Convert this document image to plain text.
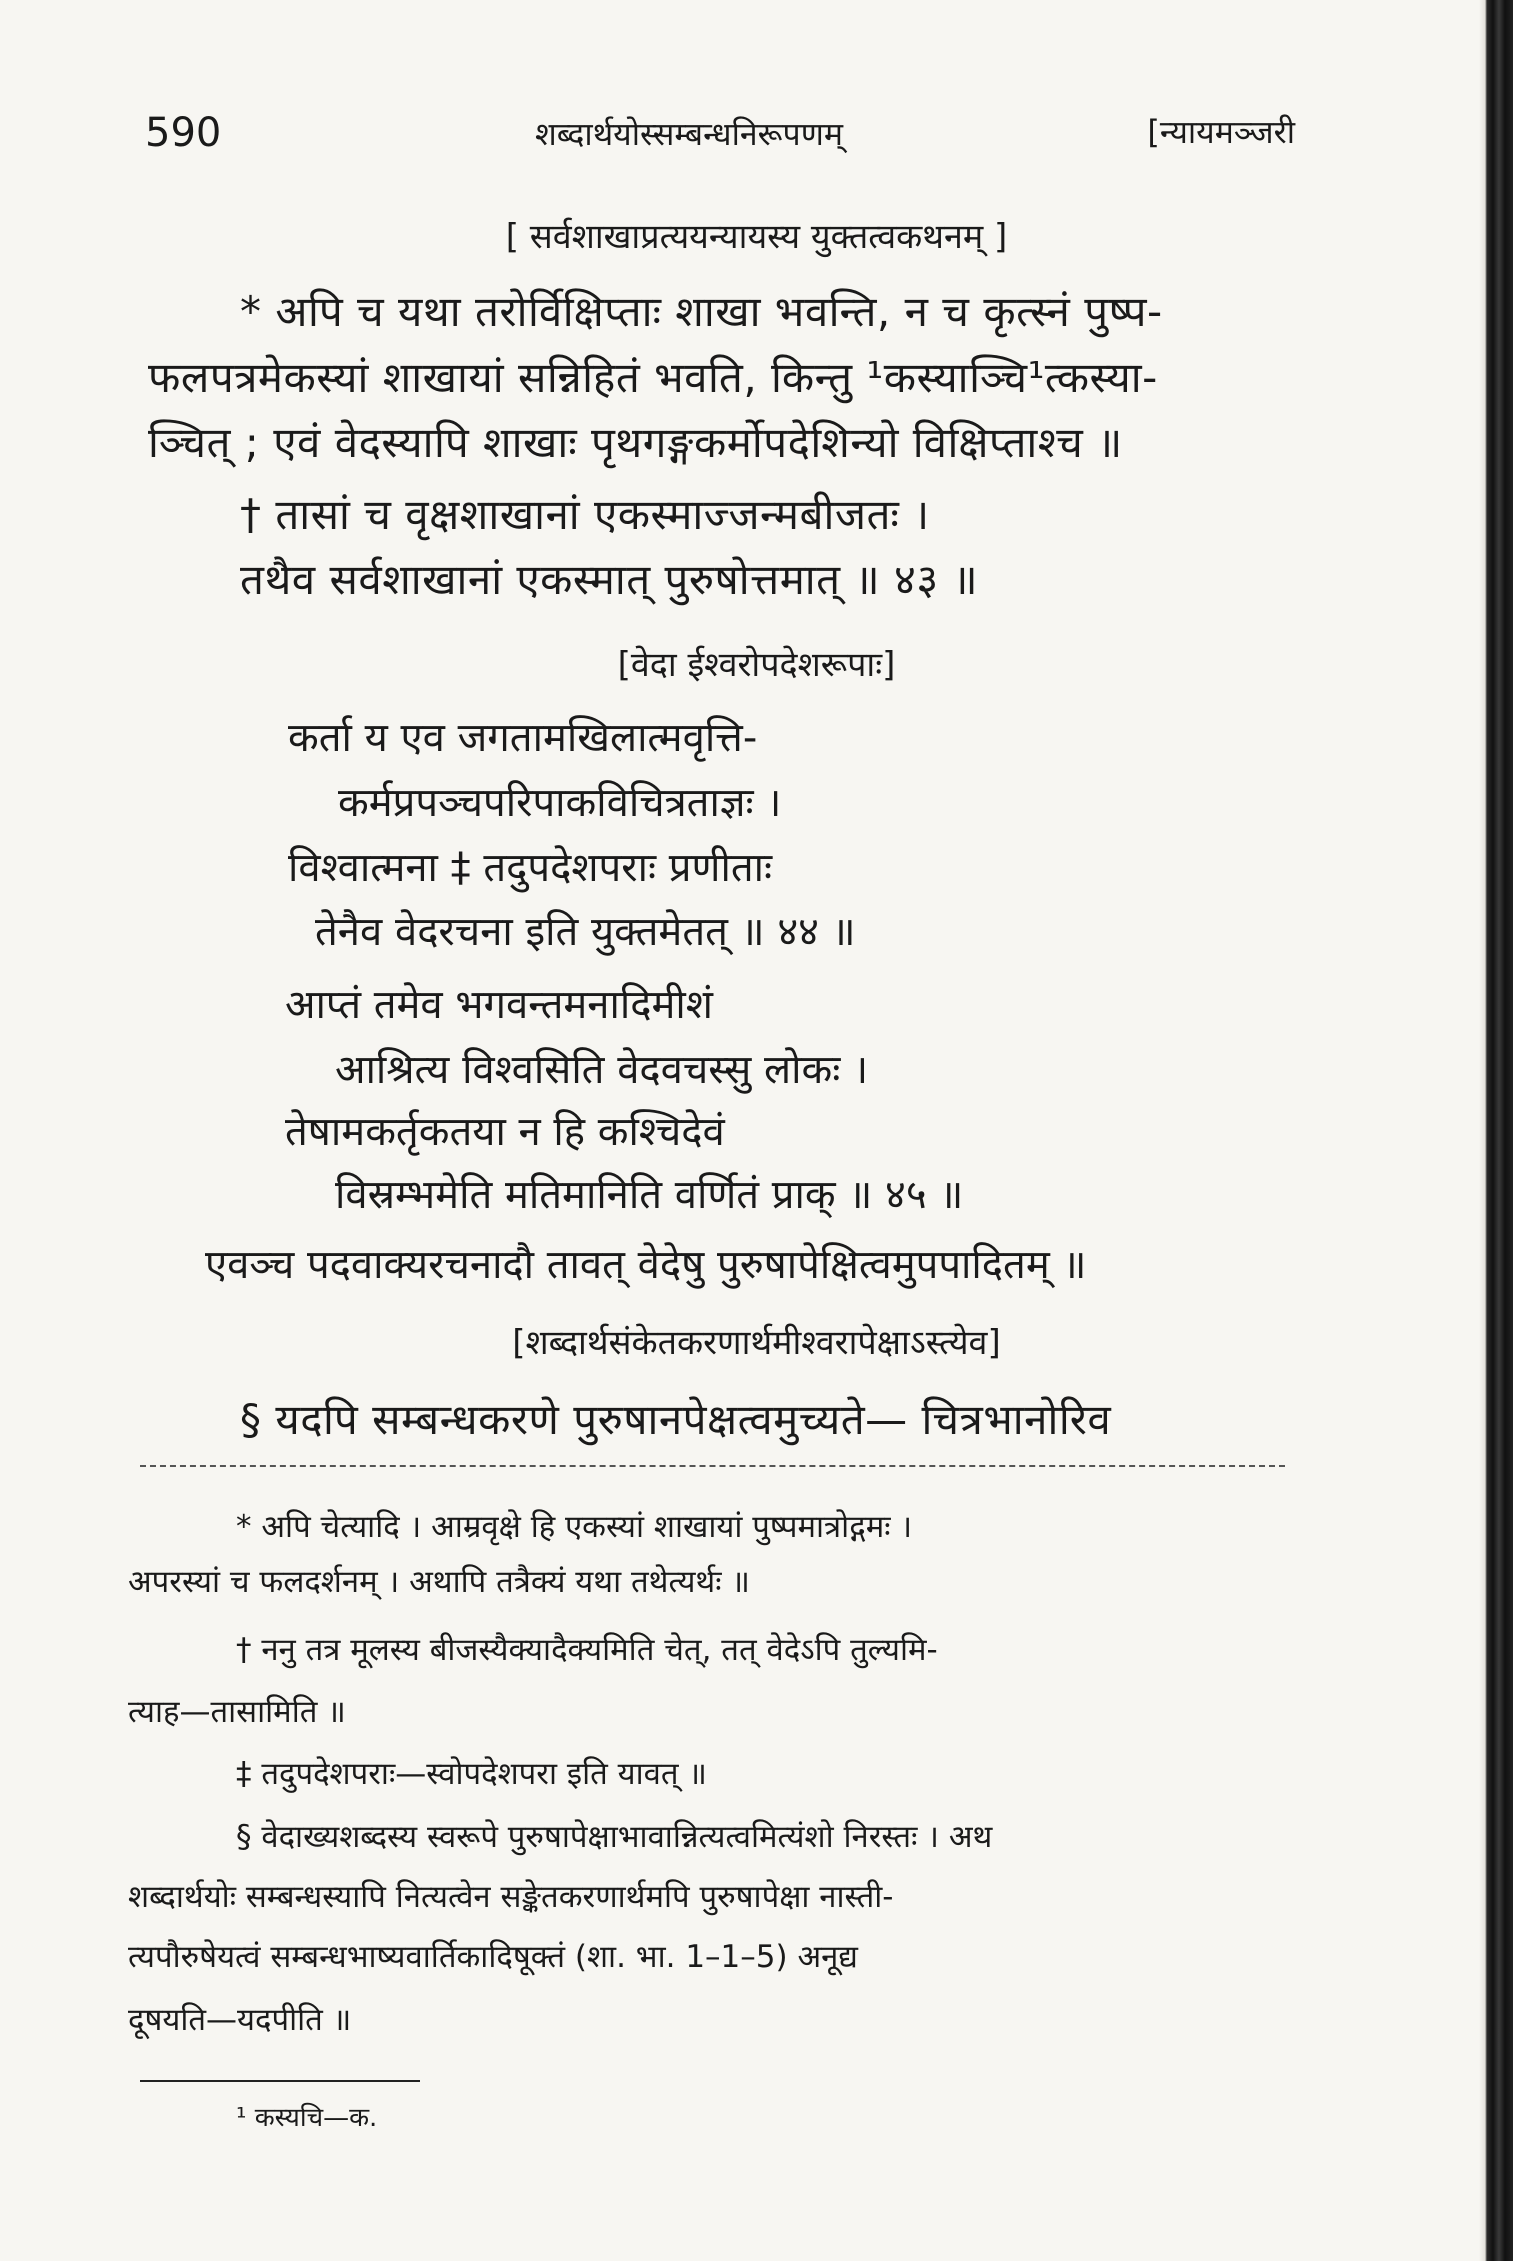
590	शब्दार्थयोस्सम्बन्धनिरूपणम्	[न्यायमञ्जरी
[ सर्वशाखाप्रत्ययन्यायस्य युक्तत्वकथनम् ]
* अपि च यथा तरोर्विक्षिप्ताः शाखा भवन्ति, न च कृत्स्नं पुष्प-
फलपत्रमेकस्यां शाखायां सन्निहितं भवति, किन्तु ¹कस्याञ्चि¹त्कस्या-
ञ्चित् ; एवं वेदस्यापि शाखाः पृथगङ्गकर्मोपदेशिन्यो विक्षिप्ताश्च ॥
† तासां च वृक्षशाखानां एकस्माज्जन्मबीजतः ।
तथैव सर्वशाखानां एकस्मात् पुरुषोत्तमात् ॥ ४३ ॥
[वेदा ईश्वरोपदेशरूपाः]
कर्ता य एव जगतामखिलात्मवृत्ति-
कर्मप्रपञ्चपरिपाकविचित्रताज्ञः ।
विश्वात्मना ‡ तदुपदेशपराः प्रणीताः
तेनैव वेदरचना इति युक्तमेतत् ॥ ४४ ॥
आप्तं तमेव भगवन्तमनादिमीशं
आश्रित्य विश्वसिति वेदवचस्सु लोकः ।
तेषामकर्तृकतया न हि कश्चिदेवं
विस्रम्भमेति मतिमानिति वर्णितं प्राक् ॥ ४५ ॥
एवञ्च पदवाक्यरचनादौ तावत् वेदेषु पुरुषापेक्षित्वमुपपादितम् ॥
[शब्दार्थसंकेतकरणार्थमीश्वरापेक्षाऽस्त्येव]
§ यदपि सम्बन्धकरणे पुरुषानपेक्षत्वमुच्यते— चित्रभानोरिव
* अपि चेत्यादि । आम्रवृक्षे हि एकस्यां शाखायां पुष्पमात्रोद्गमः ।
अपरस्यां च फलदर्शनम् । अथापि तत्रैक्यं यथा तथेत्यर्थः ॥
† ननु तत्र मूलस्य बीजस्यैक्यादैक्यमिति चेत्, तत् वेदेऽपि तुल्यमि-
त्याह—तासामिति ॥
‡ तदुपदेशपराः—स्वोपदेशपरा इति यावत् ॥
§ वेदाख्यशब्दस्य स्वरूपे पुरुषापेक्षाभावान्नित्यत्वमित्यंशो निरस्तः । अथ
शब्दार्थयोः सम्बन्धस्यापि नित्यत्वेन सङ्केतकरणार्थमपि पुरुषापेक्षा नास्ती-
त्यपौरुषेयत्वं सम्बन्धभाष्यवार्तिकादिषूक्तं (शा. भा. 1–1–5) अनूद्य
दूषयति—यदपीति ॥
¹ कस्यचि—क.
